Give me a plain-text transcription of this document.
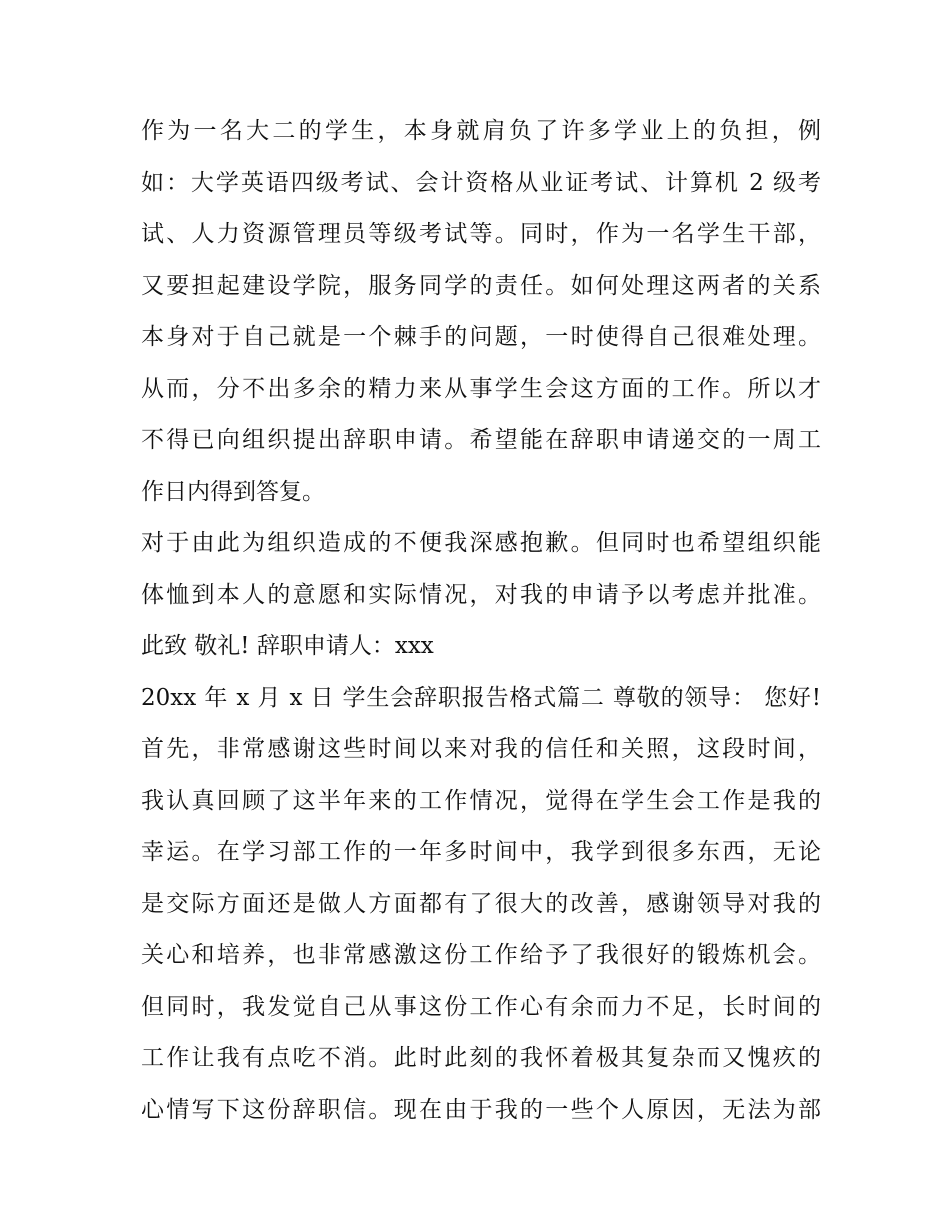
作为一名大二的学生，本身就肩负了许多学业上的负担，例
如：大学英语四级考试、会计资格从业证考试、计算机 2 级考
试、人力资源管理员等级考试等。同时，作为一名学生干部，
又要担起建设学院，服务同学的责任。如何处理这两者的关系
本身对于自己就是一个棘手的问题，一时使得自己很难处理。
从而，分不出多余的精力来从事学生会这方面的工作。所以才
不得已向组织提出辞职申请。希望能在辞职申请递交的一周工
作日内得到答复。
对于由此为组织造成的不便我深感抱歉。但同时也希望组织能
体恤到本人的意愿和实际情况，对我的申请予以考虑并批准。
此致 敬礼! 辞职申请人：xxx
20xx 年 x 月 x 日 学生会辞职报告格式篇二 尊敬的领导： 您好!
首先，非常感谢这些时间以来对我的信任和关照，这段时间，
我认真回顾了这半年来的工作情况，觉得在学生会工作是我的
幸运。在学习部工作的一年多时间中，我学到很多东西，无论
是交际方面还是做人方面都有了很大的改善，感谢领导对我的
关心和培养，也非常感激这份工作给予了我很好的锻炼机会。
但同时，我发觉自己从事这份工作心有余而力不足，长时间的
工作让我有点吃不消。此时此刻的我怀着极其复杂而又愧疚的
心情写下这份辞职信。现在由于我的一些个人原因，无法为部
